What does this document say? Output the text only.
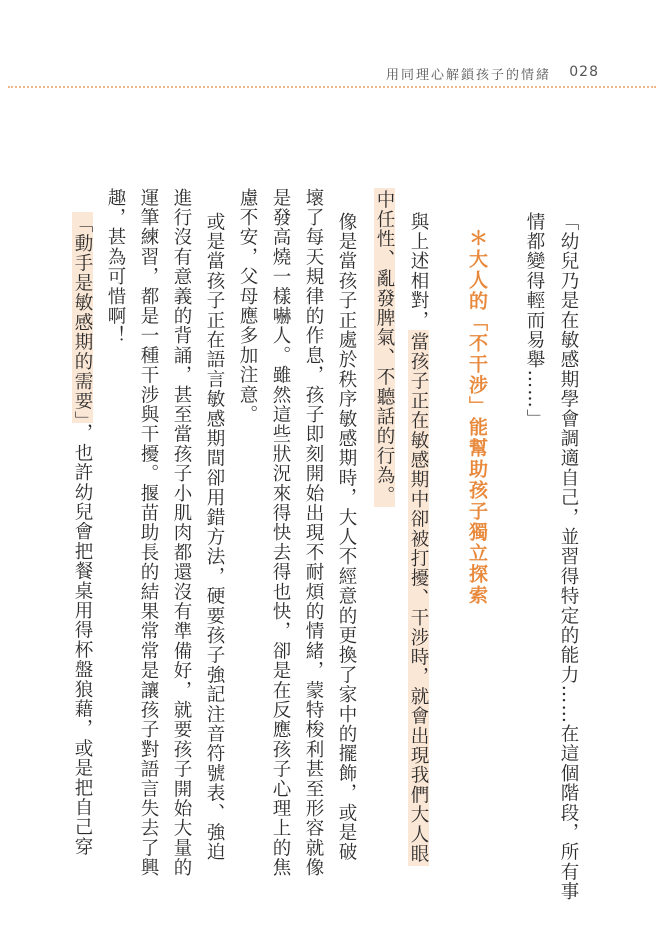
用同理心解鎖孩子的情緒 028

「幼兒乃是在敏感期學會調適自己，並習得特定的能力……在這個階段，所有事

情都變得輕而易舉……」

＊大人的「不干涉」能幫助孩子獨立探索

與上述相對，當孩子正在敏感期中卻被打擾、干涉時，就會出現我們大人眼

中任性、亂發脾氣、不聽話的行為。

像是當孩子正處於秩序敏感期時，大人不經意的更換了家中的擺飾，或是破

壞了每天規律的作息，孩子即刻開始出現不耐煩的情緒，蒙特梭利甚至形容就像

是發高燒一樣嚇人。雖然這些狀況來得快去得也快，卻是在反應孩子心理上的焦

慮不安，父母應多加注意。

或是當孩子正在語言敏感期間卻用錯方法，硬要孩子強記注音符號表、強迫

進行沒有意義的背誦，甚至當孩子小肌肉都還沒有準備好，就要孩子開始大量的

運筆練習，都是一種干涉與干擾。揠苗助長的結果常常是讓孩子對語言失去了興

趣，甚為可惜啊！

「動手是敏感期的需要」，也許幼兒會把餐桌用得杯盤狼藉，或是把自己穿
